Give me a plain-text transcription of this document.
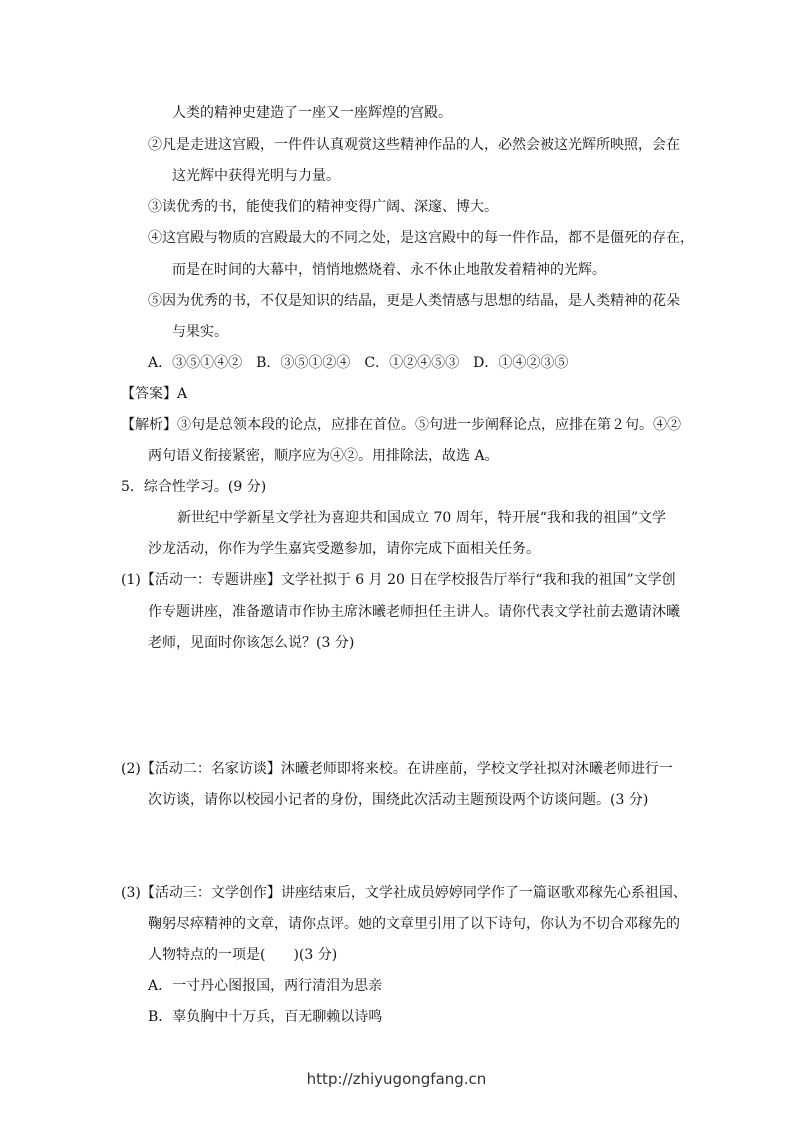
人类的精神史建造了一座又一座辉煌的宫殿。
②凡是走进这宫殿，一件件认真观赏这些精神作品的人，必然会被这光辉所映照，会在
这光辉中获得光明与力量。
③读优秀的书，能使我们的精神变得广阔、深邃、博大。
④这宫殿与物质的宫殿最大的不同之处，是这宫殿中的每一件作品，都不是僵死的存在，
而是在时间的大幕中，悄悄地燃烧着、永不休止地散发着精神的光辉。
⑤因为优秀的书，不仅是知识的结晶，更是人类情感与思想的结晶，是人类精神的花朵
与果实。
A．③⑤①④②　B．③⑤①②④　C．①②④⑤③　D．①④②③⑤
【答案】A
【解析】③句是总领本段的论点，应排在首位。⑤句进一步阐释论点，应排在第２句。④②
两句语义衔接紧密，顺序应为④②。用排除法，故选 A。
5．综合性学习。(9 分)
新世纪中学新星文学社为喜迎共和国成立 70 周年，特开展“我和我的祖国”文学
沙龙活动，你作为学生嘉宾受邀参加，请你完成下面相关任务。
(1)【活动一：专题讲座】文学社拟于 6 月 20 日在学校报告厅举行“我和我的祖国”文学创
作专题讲座，准备邀请市作协主席沐曦老师担任主讲人。请你代表文学社前去邀请沐曦
老师，见面时你该怎么说？(3 分)
(2)【活动二：名家访谈】沐曦老师即将来校。在讲座前，学校文学社拟对沐曦老师进行一
次访谈，请你以校园小记者的身份，围绕此次活动主题预设两个访谈问题。(3 分)
(3)【活动三：文学创作】讲座结束后，文学社成员婷婷同学作了一篇讴歌邓稼先心系祖国、
鞠躬尽瘁精神的文章，请你点评。她的文章里引用了以下诗句，你认为不切合邓稼先的
人物特点的一项是(　　)(3 分)
A．一寸丹心图报国，两行清泪为思亲
B．辜负胸中十万兵，百无聊赖以诗鸣
http://zhiyugongfang.cn
